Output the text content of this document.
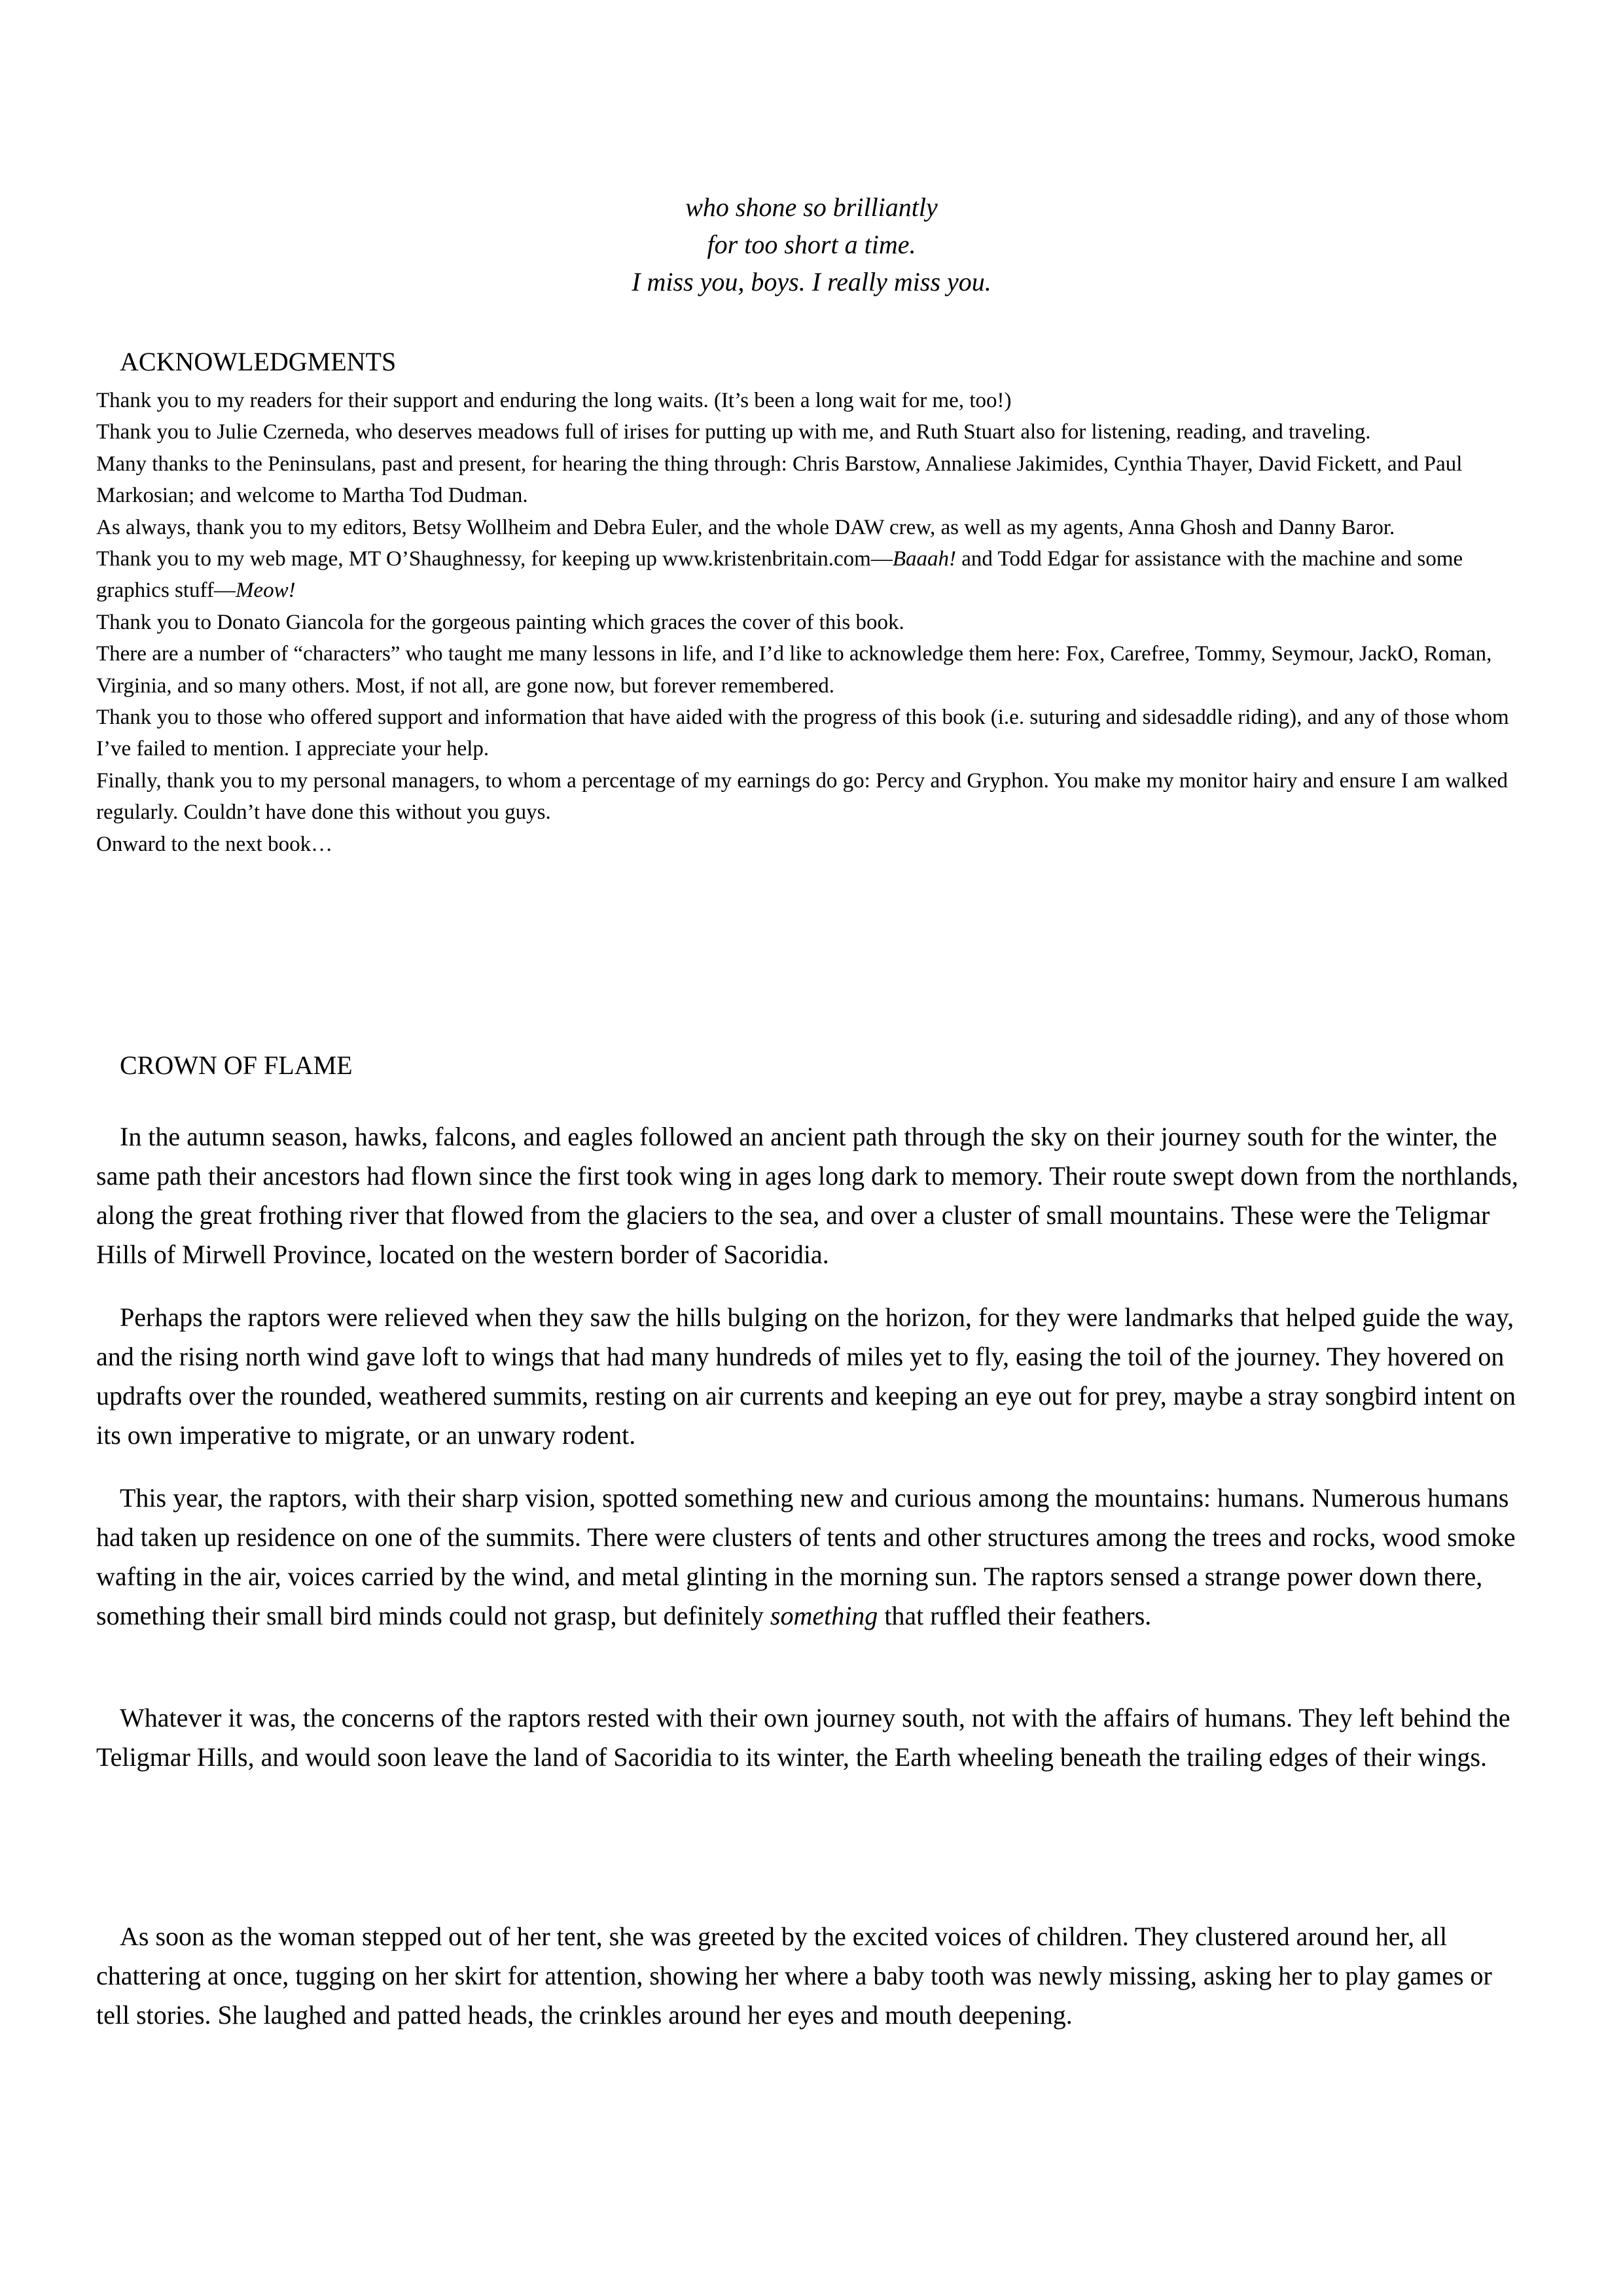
who shone so brilliantly
for too short a time.
I miss you, boys. I really miss you.
ACKNOWLEDGMENTS

Thank you to my readers for their support and enduring the long waits. (It’s been a long wait for me, too!)

Thank you to Julie Czerneda, who deserves meadows full of irises for putting up with me, and Ruth Stuart also for listening, reading, and traveling.

Many thanks to the Peninsulans, past and present, for hearing the thing through: Chris Barstow, Annaliese Jakimides, Cynthia Thayer, David Fickett, and Paul Markosian; and welcome to Martha Tod Dudman.

As always, thank you to my editors, Betsy Wollheim and Debra Euler, and the whole DAW crew, as well as my agents, Anna Ghosh and Danny Baror.

Thank you to my web mage, MT O’Shaughnessy, for keeping up www.kristenbritain.com—Baaah! and Todd Edgar for assistance with the machine and some graphics stuff—Meow!

Thank you to Donato Giancola for the gorgeous painting which graces the cover of this book.

There are a number of “characters” who taught me many lessons in life, and I’d like to acknowledge them here: Fox, Carefree, Tommy, Seymour, JackO, Roman, Virginia, and so many others. Most, if not all, are gone now, but forever remembered.

Thank you to those who offered support and information that have aided with the progress of this book (i.e. suturing and sidesaddle riding), and any of those whom I’ve failed to mention. I appreciate your help.

Finally, thank you to my personal managers, to whom a percentage of my earnings do go: Percy and Gryphon. You make my monitor hairy and ensure I am walked regularly. Couldn’t have done this without you guys.

Onward to the next book…

CROWN OF FLAME

In the autumn season, hawks, falcons, and eagles followed an ancient path through the sky on their journey south for the winter, the same path their ancestors had flown since the first took wing in ages long dark to memory. Their route swept down from the northlands, along the great frothing river that flowed from the glaciers to the sea, and over a cluster of small mountains. These were the Teligmar Hills of Mirwell Province, located on the western border of Sacoridia.

Perhaps the raptors were relieved when they saw the hills bulging on the horizon, for they were landmarks that helped guide the way, and the rising north wind gave loft to wings that had many hundreds of miles yet to fly, easing the toil of the journey. They hovered on updrafts over the rounded, weathered summits, resting on air currents and keeping an eye out for prey, maybe a stray songbird intent on its own imperative to migrate, or an unwary rodent.

This year, the raptors, with their sharp vision, spotted something new and curious among the mountains: humans. Numerous humans had taken up residence on one of the summits. There were clusters of tents and other structures among the trees and rocks, wood smoke wafting in the air, voices carried by the wind, and metal glinting in the morning sun. The raptors sensed a strange power down there, something their small bird minds could not grasp, but definitely something that ruffled their feathers.

Whatever it was, the concerns of the raptors rested with their own journey south, not with the affairs of humans. They left behind the Teligmar Hills, and would soon leave the land of Sacoridia to its winter, the Earth wheeling beneath the trailing edges of their wings.

As soon as the woman stepped out of her tent, she was greeted by the excited voices of children. They clustered around her, all chattering at once, tugging on her skirt for attention, showing her where a baby tooth was newly missing, asking her to play games or tell stories. She laughed and patted heads, the crinkles around her eyes and mouth deepening.
